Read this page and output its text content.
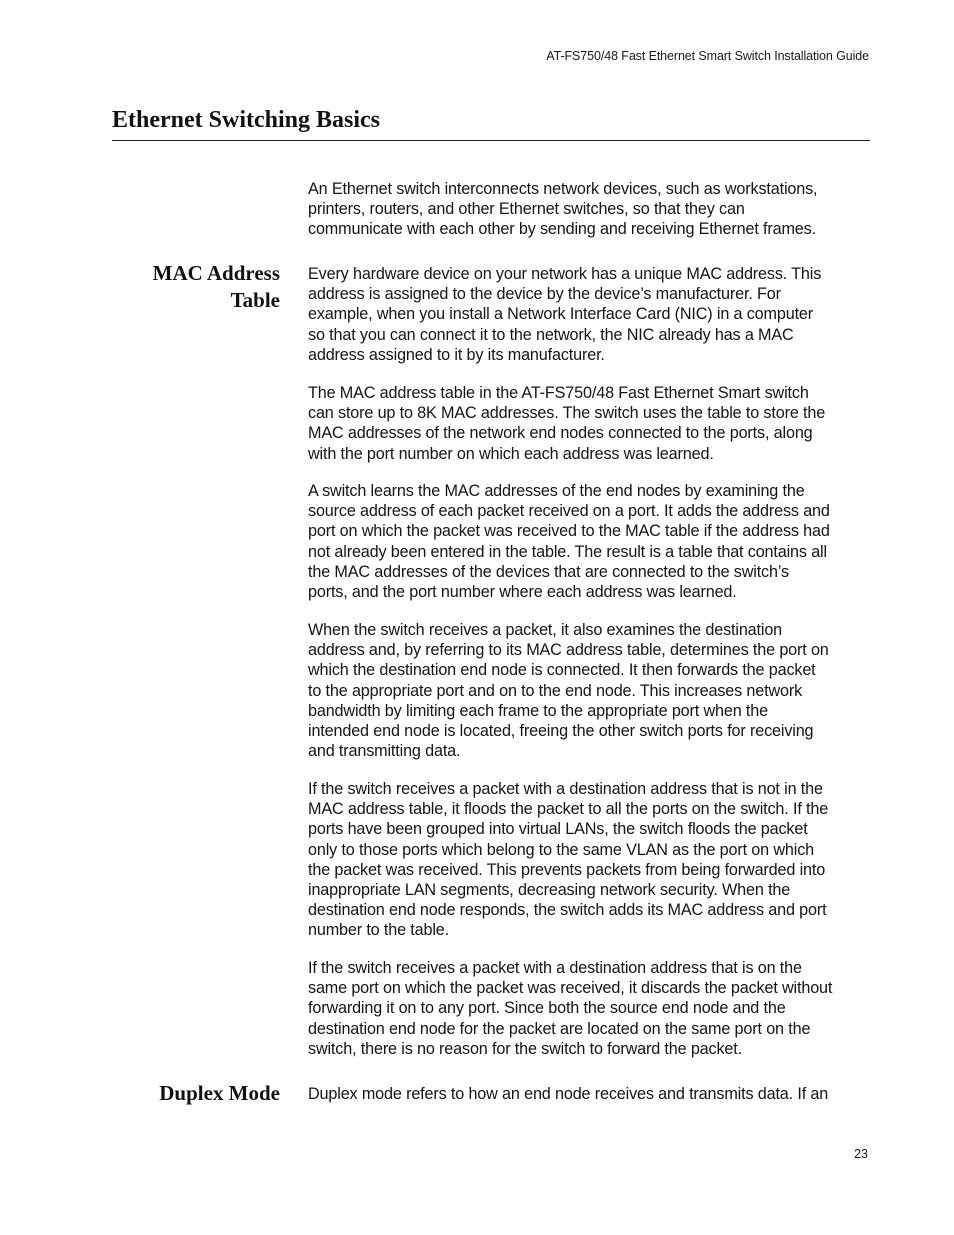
AT-FS750/48 Fast Ethernet Smart Switch Installation Guide
Ethernet Switching Basics

An Ethernet switch interconnects network devices, such as workstations,
printers, routers, and other Ethernet switches, so that they can
communicate with each other by sending and receiving Ethernet frames.

MAC Address
Table

Every hardware device on your network has a unique MAC address. This
address is assigned to the device by the device’s manufacturer. For
example, when you install a Network Interface Card (NIC) in a computer
so that you can connect it to the network, the NIC already has a MAC
address assigned to it by its manufacturer.

The MAC address table in the AT-FS750/48 Fast Ethernet Smart switch
can store up to 8K MAC addresses. The switch uses the table to store the
MAC addresses of the network end nodes connected to the ports, along
with the port number on which each address was learned.

A switch learns the MAC addresses of the end nodes by examining the
source address of each packet received on a port. It adds the address and
port on which the packet was received to the MAC table if the address had
not already been entered in the table. The result is a table that contains all
the MAC addresses of the devices that are connected to the switch’s
ports, and the port number where each address was learned.

When the switch receives a packet, it also examines the destination
address and, by referring to its MAC address table, determines the port on
which the destination end node is connected. It then forwards the packet
to the appropriate port and on to the end node. This increases network
bandwidth by limiting each frame to the appropriate port when the
intended end node is located, freeing the other switch ports for receiving
and transmitting data.

If the switch receives a packet with a destination address that is not in the
MAC address table, it floods the packet to all the ports on the switch. If the
ports have been grouped into virtual LANs, the switch floods the packet
only to those ports which belong to the same VLAN as the port on which
the packet was received. This prevents packets from being forwarded into
inappropriate LAN segments, decreasing network security. When the
destination end node responds, the switch adds its MAC address and port
number to the table.

If the switch receives a packet with a destination address that is on the
same port on which the packet was received, it discards the packet without
forwarding it on to any port. Since both the source end node and the
destination end node for the packet are located on the same port on the
switch, there is no reason for the switch to forward the packet.

Duplex Mode Duplex mode refers to how an end node receives and transmits data. If an

23
